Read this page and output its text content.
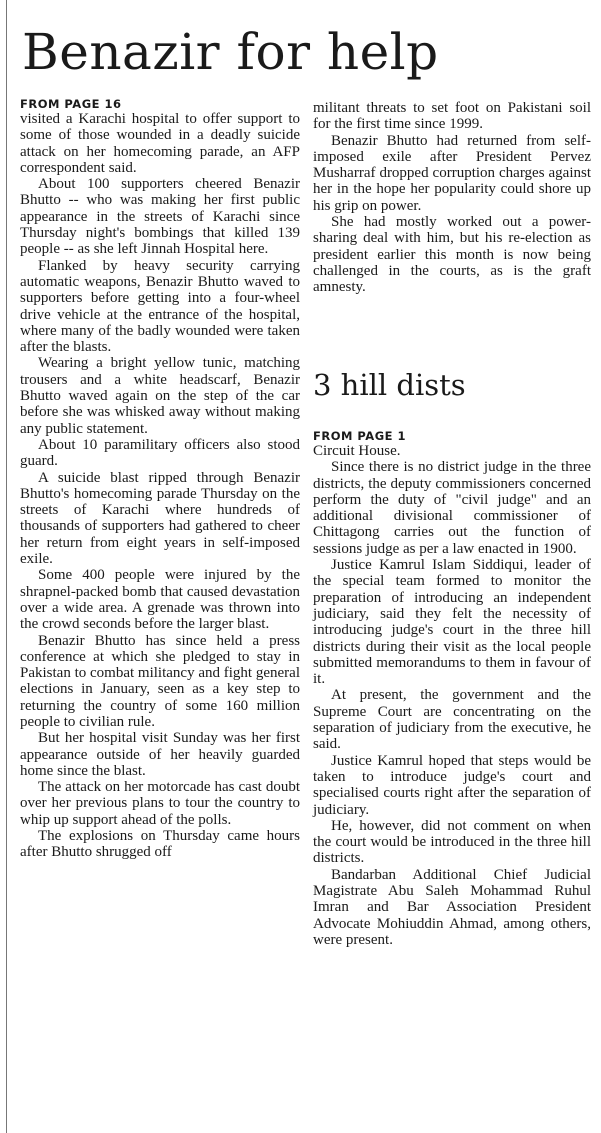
Benazir for help
FROM PAGE 16

visited a Karachi hospital to offer support to some of those wounded in a deadly suicide attack on her homecoming parade, an AFP correspondent said.

About 100 supporters cheered Benazir Bhutto -- who was making her first public appearance in the streets of Karachi since Thursday night's bombings that killed 139 people -- as she left Jinnah Hospital here.

Flanked by heavy security carrying automatic weapons, Benazir Bhutto waved to supporters before getting into a four-wheel drive vehicle at the entrance of the hospital, where many of the badly wounded were taken after the blasts.

Wearing a bright yellow tunic, matching trousers and a white headscarf, Benazir Bhutto waved again on the step of the car before she was whisked away without making any public statement.

About 10 paramilitary officers also stood guard.

A suicide blast ripped through Benazir Bhutto's homecoming parade Thursday on the streets of Karachi where hundreds of thousands of supporters had gathered to cheer her return from eight years in self-imposed exile.

Some 400 people were injured by the shrapnel-packed bomb that caused devastation over a wide area. A grenade was thrown into the crowd seconds before the larger blast.

Benazir Bhutto has since held a press conference at which she pledged to stay in Pakistan to combat militancy and fight general elections in January, seen as a key step to returning the country of some 160 million people to civilian rule.

But her hospital visit Sunday was her first appearance outside of her heavily guarded home since the blast.

The attack on her motorcade has cast doubt over her previous plans to tour the country to whip up support ahead of the polls.

The explosions on Thursday came hours after Bhutto shrugged off

militant threats to set foot on Pakistani soil for the first time since 1999.

Benazir Bhutto had returned from self-imposed exile after President Pervez Musharraf dropped corruption charges against her in the hope her popularity could shore up his grip on power.

She had mostly worked out a power-sharing deal with him, but his re-election as president earlier this month is now being challenged in the courts, as is the graft amnesty.

3 hill dists
FROM PAGE 1

Circuit House.

Since there is no district judge in the three districts, the deputy commissioners concerned perform the duty of "civil judge" and an additional divisional commissioner of Chittagong carries out the function of sessions judge as per a law enacted in 1900.

Justice Kamrul Islam Siddiqui, leader of the special team formed to monitor the preparation of introducing an independent judiciary, said they felt the necessity of introducing judge's court in the three hill districts during their visit as the local people submitted memorandums to them in favour of it.

At present, the government and the Supreme Court are concentrating on the separation of judiciary from the executive, he said.

Justice Kamrul hoped that steps would be taken to introduce judge's court and specialised courts right after the separation of judiciary.

He, however, did not comment on when the court would be introduced in the three hill districts.

Bandarban Additional Chief Judicial Magistrate Abu Saleh Mohammad Ruhul Imran and Bar Association President Advocate Mohiuddin Ahmad, among others, were present.
